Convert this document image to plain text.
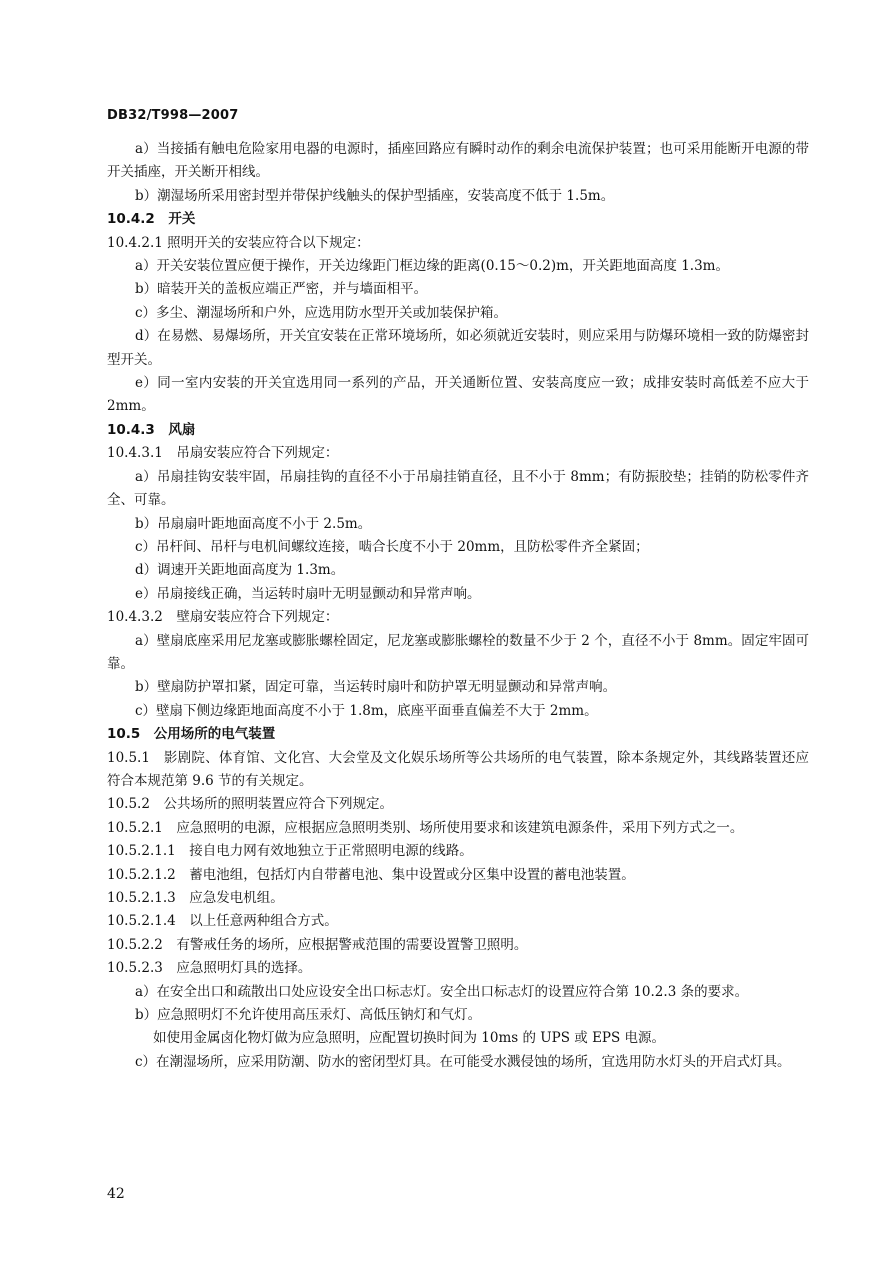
DB32/T998—2007

a）当接插有触电危险家用电器的电源时，插座回路应有瞬时动作的剩余电流保护装置；也可采用能断开电源的带开关插座，开关断开相线。

b）潮湿场所采用密封型并带保护线触头的保护型插座，安装高度不低于 1.5m。

10.4.2　开关

10.4.2.1 照明开关的安装应符合以下规定：

a）开关安装位置应便于操作，开关边缘距门框边缘的距离(0.15～0.2)m，开关距地面高度 1.3m。

b）暗装开关的盖板应端正严密，并与墙面相平。

c）多尘、潮湿场所和户外，应选用防水型开关或加装保护箱。

d）在易燃、易爆场所，开关宜安装在正常环境场所，如必须就近安装时，则应采用与防爆环境相一致的防爆密封型开关。

e）同一室内安装的开关宜选用同一系列的产品，开关通断位置、安装高度应一致；成排安装时高低差不应大于 2mm。

10.4.3　风扇

10.4.3.1　吊扇安装应符合下列规定：

a）吊扇挂钩安装牢固，吊扇挂钩的直径不小于吊扇挂销直径，且不小于 8mm；有防振胶垫；挂销的防松零件齐全、可靠。

b）吊扇扇叶距地面高度不小于 2.5m。

c）吊杆间、吊杆与电机间螺纹连接，啮合长度不小于 20mm，且防松零件齐全紧固；

d）调速开关距地面高度为 1.3m。

e）吊扇接线正确，当运转时扇叶无明显颤动和异常声响。

10.4.3.2　壁扇安装应符合下列规定：

a）壁扇底座采用尼龙塞或膨胀螺栓固定，尼龙塞或膨胀螺栓的数量不少于 2 个，直径不小于 8mm。固定牢固可靠。

b）壁扇防护罩扣紧，固定可靠，当运转时扇叶和防护罩无明显颤动和异常声响。

c）壁扇下侧边缘距地面高度不小于 1.8m，底座平面垂直偏差不大于 2mm。

10.5　公用场所的电气装置

10.5.1　影剧院、体育馆、文化宫、大会堂及文化娱乐场所等公共场所的电气装置，除本条规定外，其线路装置还应符合本规范第 9.6 节的有关规定。

10.5.2　公共场所的照明装置应符合下列规定。

10.5.2.1　应急照明的电源，应根据应急照明类别、场所使用要求和该建筑电源条件，采用下列方式之一。

10.5.2.1.1　接自电力网有效地独立于正常照明电源的线路。

10.5.2.1.2　蓄电池组，包括灯内自带蓄电池、集中设置或分区集中设置的蓄电池装置。

10.5.2.1.3　应急发电机组。

10.5.2.1.4　以上任意两种组合方式。

10.5.2.2　有警戒任务的场所，应根据警戒范围的需要设置警卫照明。

10.5.2.3　应急照明灯具的选择。

a）在安全出口和疏散出口处应设安全出口标志灯。安全出口标志灯的设置应符合第 10.2.3 条的要求。

b）应急照明灯不允许使用高压汞灯、高低压钠灯和气灯。

如使用金属卤化物灯做为应急照明，应配置切换时间为 10ms 的 UPS 或 EPS 电源。

c）在潮湿场所，应采用防潮、防水的密闭型灯具。在可能受水溅侵蚀的场所，宜选用防水灯头的开启式灯具。

42
